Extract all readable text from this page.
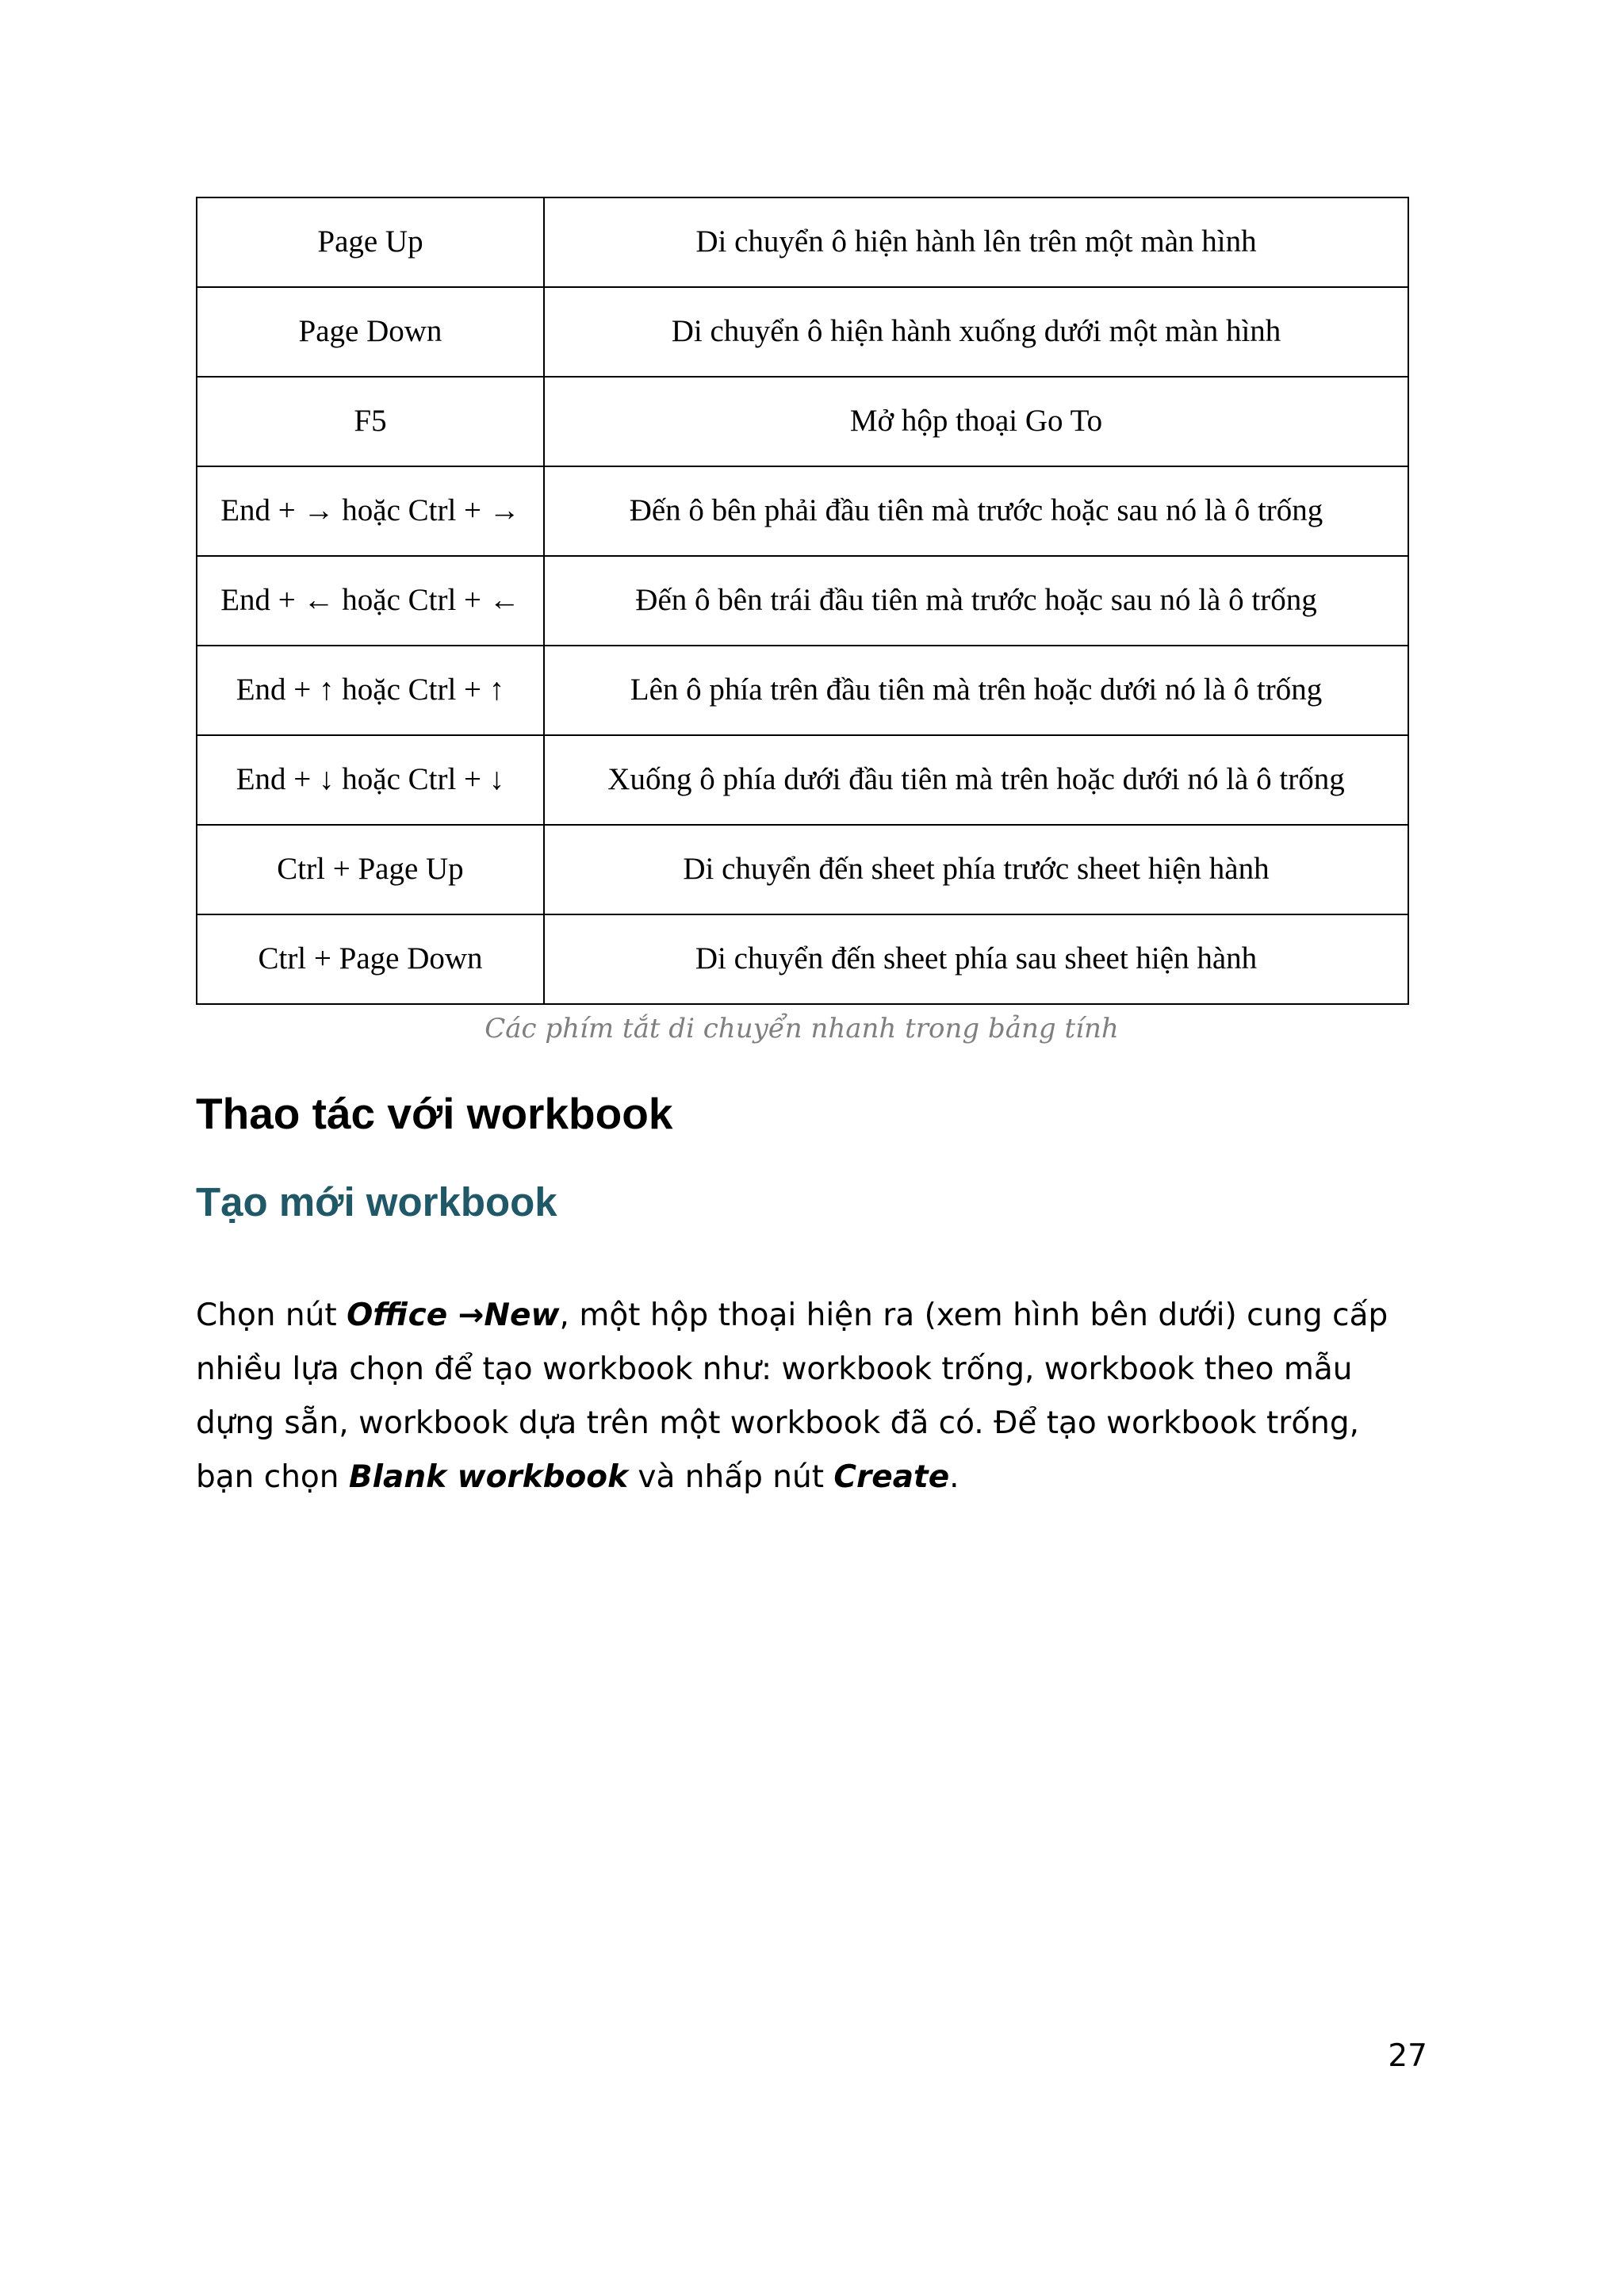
Page Up	Di chuyển ô hiện hành lên trên một màn hình
Page Down	Di chuyển ô hiện hành xuống dưới một màn hình
F5	Mở hộp thoại Go To
End + → hoặc Ctrl + →	Đến ô bên phải đầu tiên mà trước hoặc sau nó là ô trống
End + ← hoặc Ctrl + ←	Đến ô bên trái đầu tiên mà trước hoặc sau nó là ô trống
End + ↑ hoặc Ctrl + ↑	Lên ô phía trên đầu tiên mà trên hoặc dưới nó là ô trống
End + ↓ hoặc Ctrl + ↓	Xuống ô phía dưới đầu tiên mà trên hoặc dưới nó là ô trống
Ctrl + Page Up	Di chuyển đến sheet phía trước sheet hiện hành
Ctrl + Page Down	Di chuyển đến sheet phía sau sheet hiện hành

Các phím tắt di chuyển nhanh trong bảng tính

Thao tác với workbook
Tạo mới workbook

Chọn nút Office →New, một hộp thoại hiện ra (xem hình bên dưới) cung cấp nhiều lựa chọn để tạo workbook như: workbook trống, workbook theo mẫu dựng sẵn, workbook dựa trên một workbook đã có. Để tạo workbook trống, bạn chọn Blank workbook và nhấp nút Create.

27
